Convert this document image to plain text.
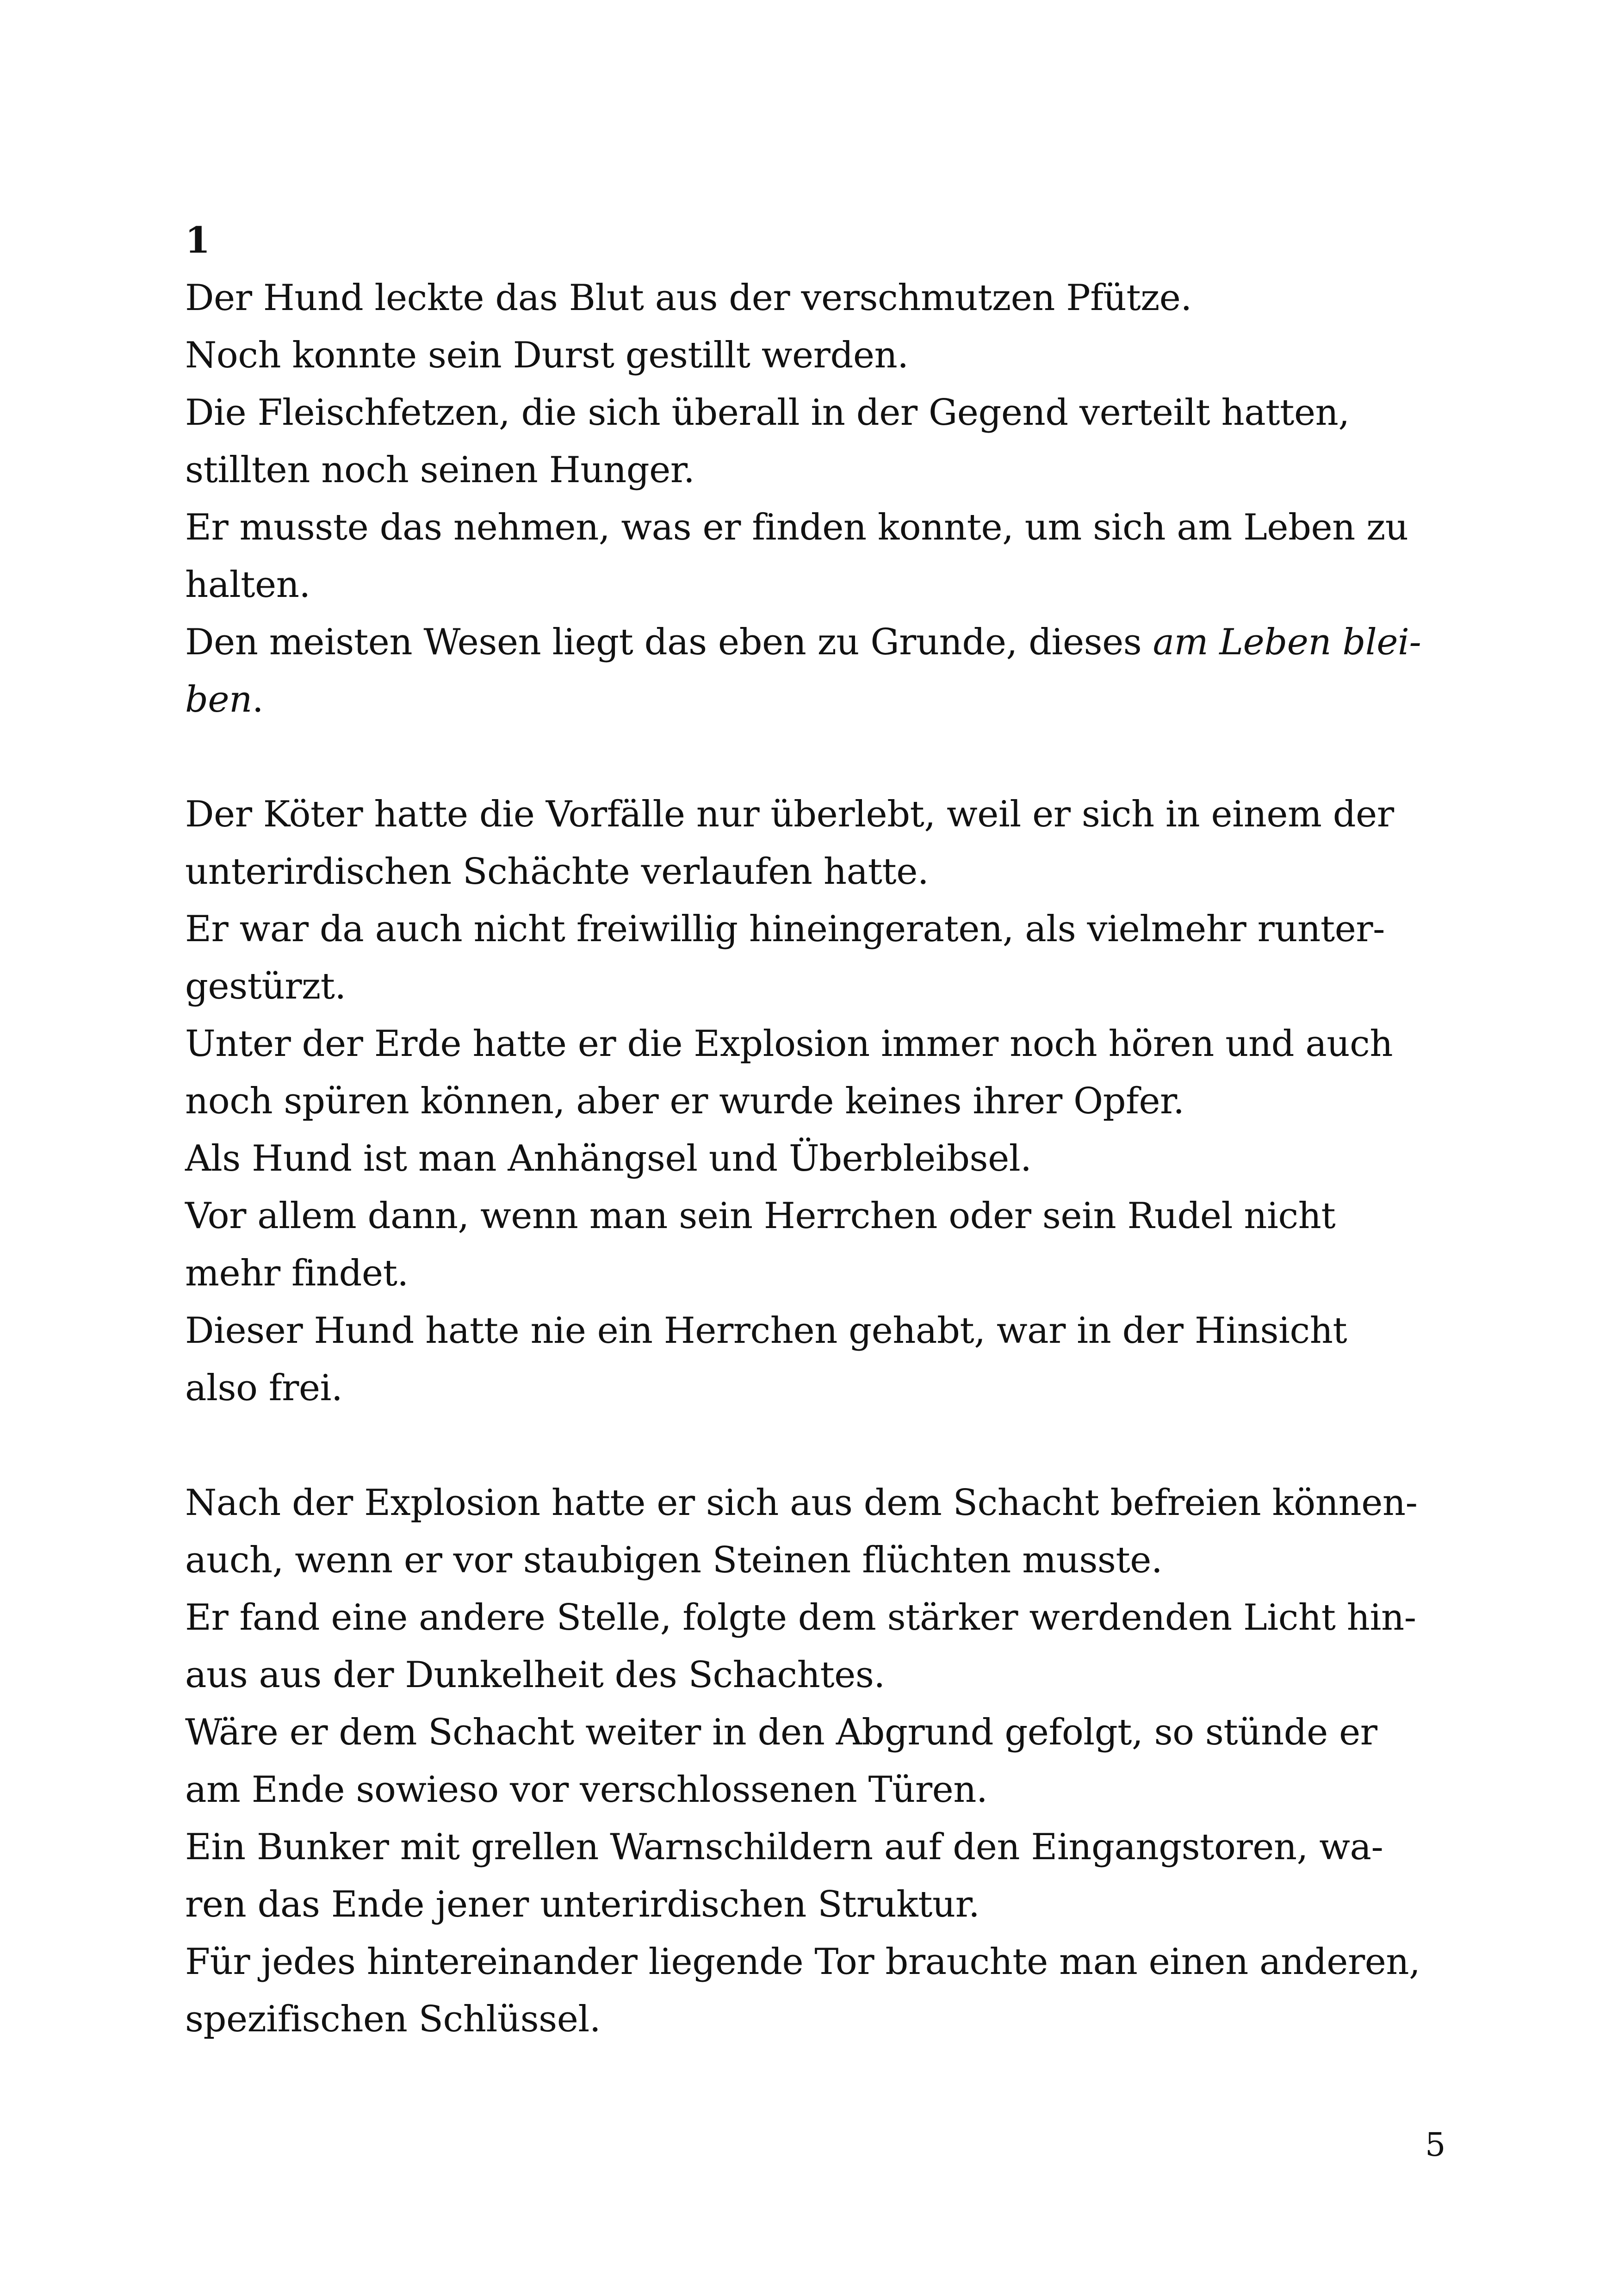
1
Der Hund leckte das Blut aus der verschmutzen Pfütze.
Noch konnte sein Durst gestillt werden.
Die Fleischfetzen, die sich überall in der Gegend verteilt hatten,
stillten noch seinen Hunger.
Er musste das nehmen, was er finden konnte, um sich am Leben zu
halten.
Den meisten Wesen liegt das eben zu Grunde, dieses am Leben blei-
ben.
Der Köter hatte die Vorfälle nur überlebt, weil er sich in einem der
unterirdischen Schächte verlaufen hatte.
Er war da auch nicht freiwillig hineingeraten, als vielmehr runter-
gestürzt.
Unter der Erde hatte er die Explosion immer noch hören und auch
noch spüren können, aber er wurde keines ihrer Opfer.
Als Hund ist man Anhängsel und Überbleibsel.
Vor allem dann, wenn man sein Herrchen oder sein Rudel nicht
mehr findet.
Dieser Hund hatte nie ein Herrchen gehabt, war in der Hinsicht
also frei.
Nach der Explosion hatte er sich aus dem Schacht befreien können-
auch, wenn er vor staubigen Steinen flüchten musste.
Er fand eine andere Stelle, folgte dem stärker werdenden Licht hin-
aus aus der Dunkelheit des Schachtes.
Wäre er dem Schacht weiter in den Abgrund gefolgt, so stünde er
am Ende sowieso vor verschlossenen Türen.
Ein Bunker mit grellen Warnschildern auf den Eingangstoren, wa-
ren das Ende jener unterirdischen Struktur.
Für jedes hintereinander liegende Tor brauchte man einen anderen,
spezifischen Schlüssel.
5
